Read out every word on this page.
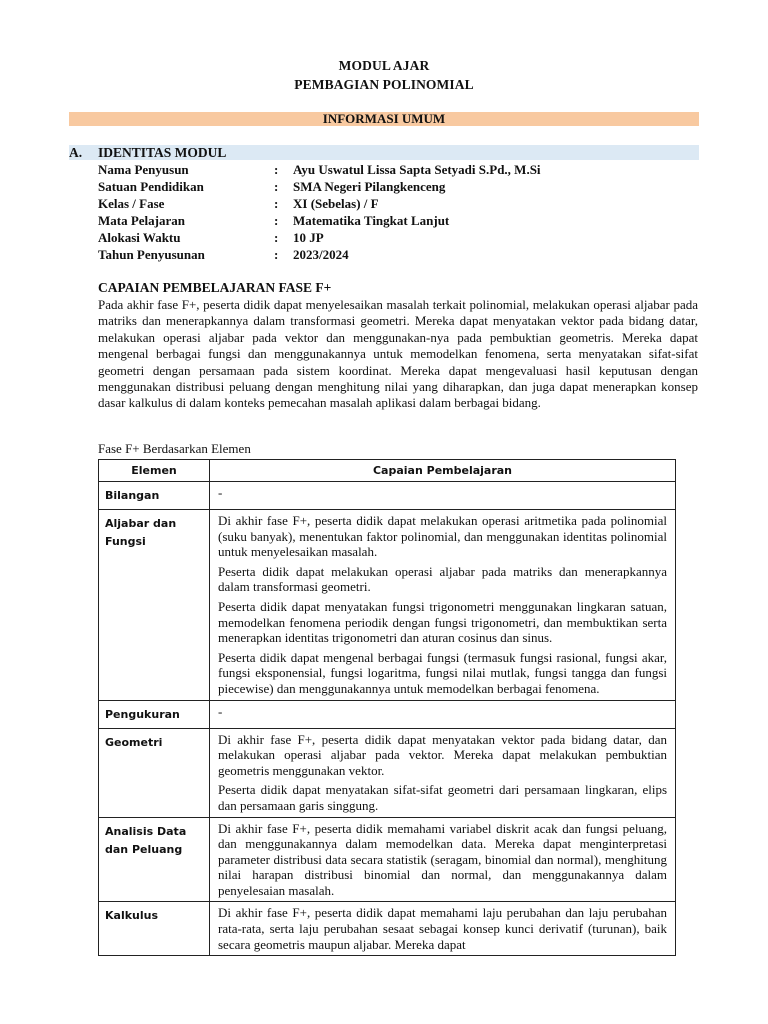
MODUL AJAR
PEMBAGIAN POLINOMIAL
INFORMASI UMUM
A. IDENTITAS MODUL
Nama Penyusun	: Ayu Uswatul Lissa Sapta Setyadi S.Pd., M.Si
Satuan Pendidikan	: SMA Negeri Pilangkenceng
Kelas / Fase	: XI (Sebelas) / F
Mata Pelajaran	: Matematika Tingkat Lanjut
Alokasi Waktu	: 10 JP
Tahun Penyusunan	: 2023/2024
CAPAIAN PEMBELAJARAN FASE F+
Pada akhir fase F+, peserta didik dapat menyelesaikan masalah terkait polinomial, melakukan operasi aljabar pada matriks dan menerapkannya dalam transformasi geometri. Mereka dapat menyatakan vektor pada bidang datar, melakukan operasi aljabar pada vektor dan menggunakan-nya pada pembuktian geometris. Mereka dapat mengenal berbagai fungsi dan menggunakannya untuk memodelkan fenomena, serta menyatakan sifat-sifat geometri dengan persamaan pada sistem koordinat. Mereka dapat mengevaluasi hasil keputusan dengan menggunakan distribusi peluang dengan menghitung nilai yang diharapkan, dan juga dapat menerapkan konsep dasar kalkulus di dalam konteks pemecahan masalah aplikasi dalam berbagai bidang.
Fase F+ Berdasarkan Elemen
Elemen	Capaian Pembelajaran
Bilangan	-

Aljabar dan Fungsi	Di akhir fase F+, peserta didik dapat melakukan operasi aritmetika pada polinomial (suku banyak), menentukan faktor polinomial, dan menggunakan identitas polinomial untuk menyelesaikan masalah.

Peserta didik dapat melakukan operasi aljabar pada matriks dan menerapkannya dalam transformasi geometri.

Peserta didik dapat menyatakan fungsi trigonometri menggunakan lingkaran satuan, memodelkan fenomena periodik dengan fungsi trigonometri, dan membuktikan serta menerapkan identitas trigonometri dan aturan cosinus dan sinus.

Peserta didik dapat mengenal berbagai fungsi (termasuk fungsi rasional, fungsi akar, fungsi eksponensial, fungsi logaritma, fungsi nilai mutlak, fungsi tangga dan fungsi piecewise) dan menggunakannya untuk memodelkan berbagai fenomena.

Pengukuran	-

Geometri	Di akhir fase F+, peserta didik dapat menyatakan vektor pada bidang datar, dan melakukan operasi aljabar pada vektor. Mereka dapat melakukan pembuktian geometris menggunakan vektor.

Peserta didik dapat menyatakan sifat-sifat geometri dari persamaan lingkaran, elips dan persamaan garis singgung.

Analisis Data dan Peluang	Di akhir fase F+, peserta didik memahami variabel diskrit acak dan fungsi peluang, dan menggunakannya dalam memodelkan data. Mereka dapat menginterpretasi parameter distribusi data secara statistik (seragam, binomial dan normal), menghitung nilai harapan distribusi binomial dan normal, dan menggunakannya dalam penyelesaian masalah.

Kalkulus	Di akhir fase F+, peserta didik dapat memahami laju perubahan dan laju perubahan rata-rata, serta laju perubahan sesaat sebagai konsep kunci derivatif (turunan), baik secara geometris maupun aljabar. Mereka dapat
